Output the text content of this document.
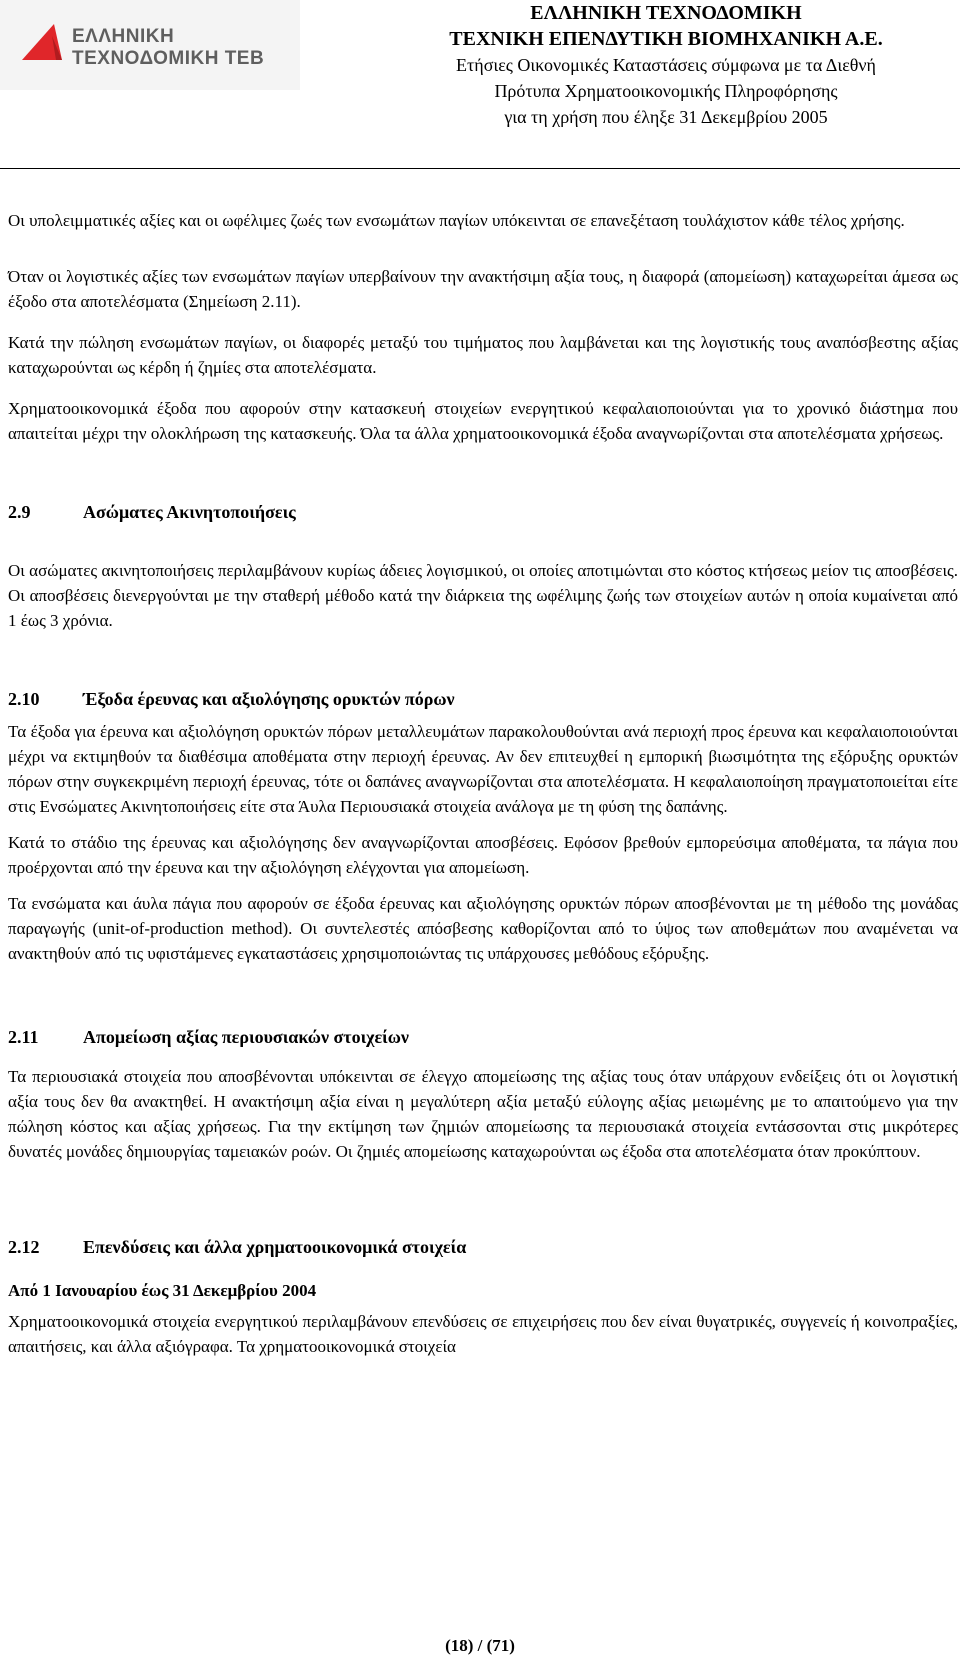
ΕΛΛΗΝΙΚΗ
ΤΕΧΝΟΔΟΜΙΚΗ ΤΕΒ
ΕΛΛΗΝΙΚΗ ΤΕΧΝΟΔΟΜΙΚΗ
ΤΕΧΝΙΚΗ ΕΠΕΝΔΥΤΙΚΗ ΒΙΟΜΗΧΑΝΙΚΗ Α.Ε.
Ετήσιες Οικονομικές Καταστάσεις σύμφωνα με τα Διεθνή
Πρότυπα Χρηματοοικονομικής Πληροφόρησης
για τη χρήση που έληξε 31 Δεκεμβρίου 2005

Οι υπολειμματικές αξίες και οι ωφέλιμες ζωές των ενσωμάτων παγίων υπόκεινται σε επανεξέταση τουλάχιστον κάθε τέλος χρήσης.

Όταν οι λογιστικές αξίες των ενσωμάτων παγίων υπερβαίνουν την ανακτήσιμη αξία τους, η διαφορά (απομείωση) καταχωρείται άμεσα ως έξοδο στα αποτελέσματα (Σημείωση 2.11).

Κατά την πώληση ενσωμάτων παγίων, οι διαφορές μεταξύ του τιμήματος που λαμβάνεται και της λογιστικής τους αναπόσβεστης αξίας καταχωρούνται ως κέρδη ή ζημίες στα αποτελέσματα.

Χρηματοοικονομικά έξοδα που αφορούν στην κατασκευή στοιχείων ενεργητικού κεφαλαιοποιούνται για το χρονικό διάστημα που απαιτείται μέχρι την ολοκλήρωση της κατασκευής. Όλα τα άλλα χρηματοοικονομικά έξοδα αναγνωρίζονται στα αποτελέσματα χρήσεως.

2.9	Ασώματες Ακινητοποιήσεις

Οι ασώματες ακινητοποιήσεις περιλαμβάνουν κυρίως άδειες λογισμικού, οι οποίες αποτιμώνται στο κόστος κτήσεως μείον τις αποσβέσεις. Οι αποσβέσεις διενεργούνται με την σταθερή μέθοδο κατά την διάρκεια της ωφέλιμης ζωής των στοιχείων αυτών η οποία κυμαίνεται από 1 έως 3 χρόνια.

2.10	Έξοδα έρευνας και αξιολόγησης ορυκτών πόρων

Τα έξοδα για έρευνα και αξιολόγηση ορυκτών πόρων μεταλλευμάτων παρακολουθούνται ανά περιοχή προς έρευνα και κεφαλαιοποιούνται μέχρι να εκτιμηθούν τα διαθέσιμα αποθέματα στην περιοχή έρευνας. Αν δεν επιτευχθεί η εμπορική βιωσιμότητα της εξόρυξης ορυκτών πόρων στην συγκεκριμένη περιοχή έρευνας, τότε οι δαπάνες αναγνωρίζονται στα αποτελέσματα. Η κεφαλαιοποίηση πραγματοποιείται είτε στις Ενσώματες Ακινητοποιήσεις είτε στα Άυλα Περιουσιακά στοιχεία ανάλογα με τη φύση της δαπάνης.

Κατά το στάδιο της έρευνας και αξιολόγησης δεν αναγνωρίζονται αποσβέσεις. Εφόσον βρεθούν εμπορεύσιμα αποθέματα, τα πάγια που προέρχονται από την έρευνα και την αξιολόγηση ελέγχονται για απομείωση.

Τα ενσώματα και άυλα πάγια που αφορούν σε έξοδα έρευνας και αξιολόγησης ορυκτών πόρων αποσβένονται με τη μέθοδο της μονάδας παραγωγής (unit-of-production method). Οι συντελεστές απόσβεσης καθορίζονται από το ύψος των αποθεμάτων που αναμένεται να ανακτηθούν από τις υφιστάμενες εγκαταστάσεις χρησιμοποιώντας τις υπάρχουσες μεθόδους εξόρυξης.

2.11	Απομείωση αξίας περιουσιακών στοιχείων

Τα περιουσιακά στοιχεία που αποσβένονται υπόκεινται σε έλεγχο απομείωσης της αξίας τους όταν υπάρχουν ενδείξεις ότι οι λογιστική αξία τους δεν θα ανακτηθεί. Η ανακτήσιμη αξία είναι η μεγαλύτερη αξία μεταξύ εύλογης αξίας μειωμένης με το απαιτούμενο για την πώληση κόστος και αξίας χρήσεως. Για την εκτίμηση των ζημιών απομείωσης τα περιουσιακά στοιχεία εντάσσονται στις μικρότερες δυνατές μονάδες δημιουργίας ταμειακών ροών. Οι ζημιές απομείωσης καταχωρούνται ως έξοδα στα αποτελέσματα όταν προκύπτουν.

2.12	Επενδύσεις και άλλα χρηματοοικονομικά στοιχεία
Από 1 Ιανουαρίου έως 31 Δεκεμβρίου 2004

Χρηματοοικονομικά στοιχεία ενεργητικού περιλαμβάνουν επενδύσεις σε επιχειρήσεις που δεν είναι θυγατρικές, συγγενείς ή κοινοπραξίες, απαιτήσεις, και άλλα αξιόγραφα. Τα χρηματοοικονομικά στοιχεία

(18) / (71)
